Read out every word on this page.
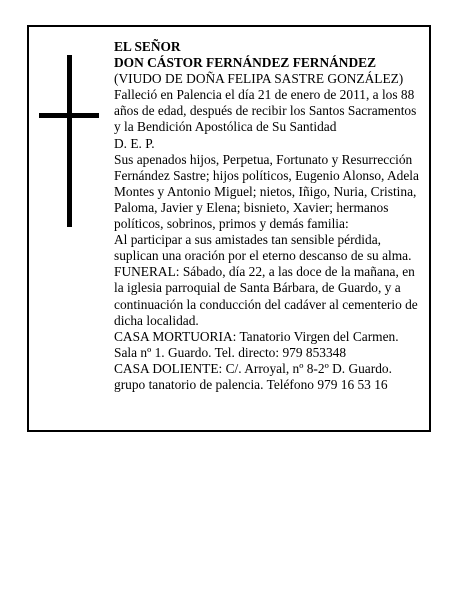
EL SEÑOR

DON CÁSTOR FERNÁNDEZ FERNÁNDEZ

(VIUDO DE DOÑA FELIPA SASTRE GONZÁLEZ)

Falleció en Palencia el día 21 de enero de 2011, a los 88 años de edad, después de recibir los Santos Sacramentos y la Bendición Apostólica de Su Santidad

D. E. P.

Sus apenados hijos, Perpetua, Fortunato y Resurrección Fernández Sastre; hijos políticos, Eugenio Alonso, Adela Montes y Antonio Miguel; nietos, Iñigo, Nuria, Cristina, Paloma, Javier y Elena; bisnieto, Xavier; hermanos políticos, sobrinos, primos y demás familia:

Al participar a sus amistades tan sensible pérdida, suplican una oración por el eterno descanso de su alma.

FUNERAL: Sábado, día 22, a las doce de la mañana, en la iglesia parroquial de Santa Bárbara, de Guardo, y a continuación la conducción del cadáver al cementerio de dicha localidad.

CASA MORTUORIA: Tanatorio Virgen del Carmen. Sala nº 1. Guardo. Tel. directo: 979 853348

CASA DOLIENTE: C/. Arroyal, nº 8-2º D. Guardo.

grupo tanatorio de palencia. Teléfono 979 16 53 16
